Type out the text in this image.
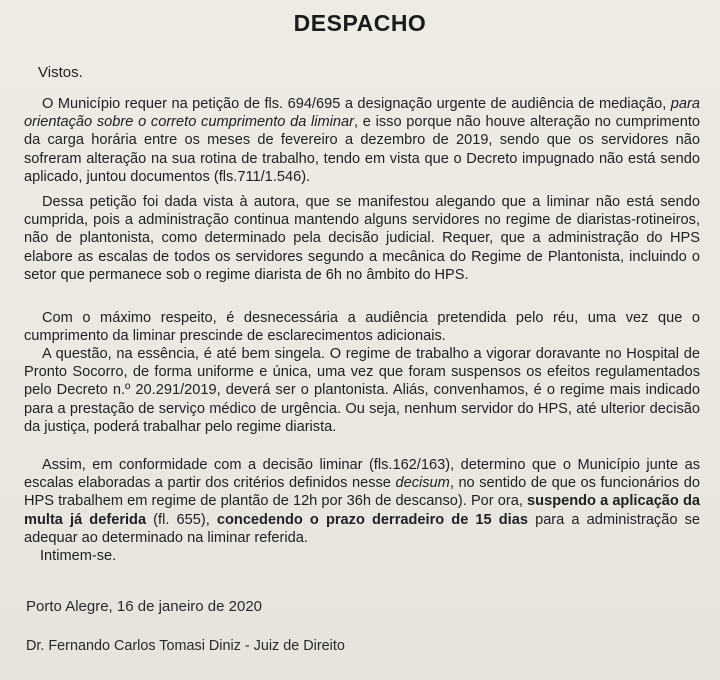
DESPACHO
Vistos.
O Município requer na petição de fls. 694/695 a designação urgente de audiência de mediação, para orientação sobre o correto cumprimento da liminar, e isso porque não houve alteração no cumprimento da carga horária entre os meses de fevereiro a dezembro de 2019, sendo que os servidores não sofreram alteração na sua rotina de trabalho, tendo em vista que o Decreto impugnado não está sendo aplicado, juntou documentos (fls.711/1.546).
Dessa petição foi dada vista à autora, que se manifestou alegando que a liminar não está sendo cumprida, pois a administração continua mantendo alguns servidores no regime de diaristas-rotineiros, não de plantonista, como determinado pela decisão judicial. Requer, que a administração do HPS elabore as escalas de todos os servidores segundo a mecânica do Regime de Plantonista, incluindo o setor que permanece sob o regime diarista de 6h no âmbito do HPS.
Com o máximo respeito, é desnecessária a audiência pretendida pelo réu, uma vez que o cumprimento da liminar prescinde de esclarecimentos adicionais.
A questão, na essência, é até bem singela. O regime de trabalho a vigorar doravante no Hospital de Pronto Socorro, de forma uniforme e única, uma vez que foram suspensos os efeitos regulamentados pelo Decreto n.º 20.291/2019, deverá ser o plantonista. Aliás, convenhamos, é o regime mais indicado para a prestação de serviço médico de urgência. Ou seja, nenhum servidor do HPS, até ulterior decisão da justiça, poderá trabalhar pelo regime diarista.
Assim, em conformidade com a decisão liminar (fls.162/163), determino que o Município junte as escalas elaboradas a partir dos critérios definidos nesse decisum, no sentido de que os funcionários do HPS trabalhem em regime de plantão de 12h por 36h de descanso). Por ora, suspendo a aplicação da multa já deferida (fl. 655), concedendo o prazo derradeiro de 15 dias para a administração se adequar ao determinado na liminar referida.
Intimem-se.
Porto Alegre, 16 de janeiro de 2020
Dr. Fernando Carlos Tomasi Diniz - Juiz de Direito
